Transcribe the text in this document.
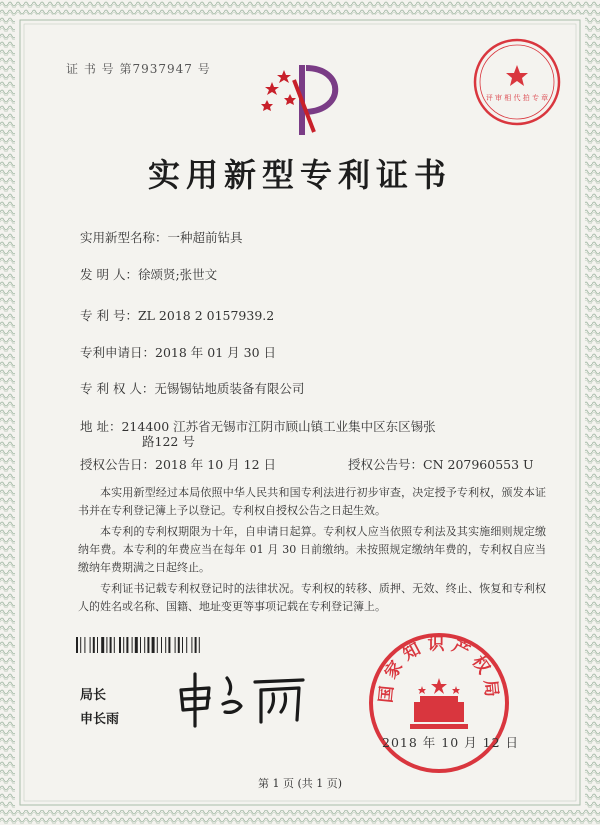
证 书 号 第7937947 号
评 审 相 代 拍 专 章
实用新型专利证书
实用新型名称：一种超前钻具
发 明 人：徐颂贤;张世文
专 利 号：ZL 2018 2 0157939.2
专利申请日：2018 年 01 月 30 日
专 利 权 人：无锡锡钻地质装备有限公司
地 址：214400 江苏省无锡市江阴市顾山镇工业集中区东区锡张
路122 号
授权公告日：2018 年 10 月 12 日	授权公告号：CN 207960553 U

本实用新型经过本局依照中华人民共和国专利法进行初步审查，决定授予专利权，颁发本证书并在专利登记簿上予以登记。专利权自授权公告之日起生效。

本专利的专利权期限为十年，自申请日起算。专利权人应当依照专利法及其实施细则规定缴纳年费。本专利的年费应当在每年 01 月 30 日前缴纳。未按照规定缴纳年费的，专利权自应当缴纳年费期满之日起终止。

专利证书记载专利权登记时的法律状况。专利权的转移、质押、无效、终止、恢复和专利权人的姓名或名称、国籍、地址变更等事项记载在专利登记簿上。

局长
申长雨
国家知识产权局
2018 年 10 月 12 日
第 1 页 (共 1 页)
